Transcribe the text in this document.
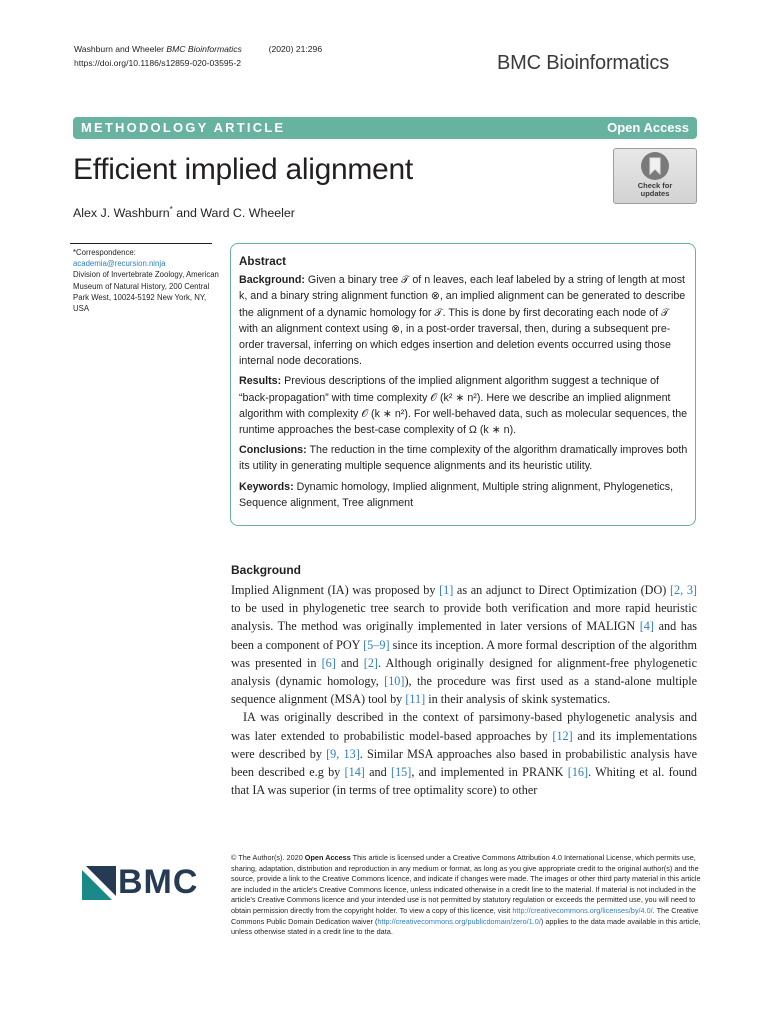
Washburn and Wheeler BMC Bioinformatics	(2020) 21:296
https://doi.org/10.1186/s12859-020-03595-2	BMC Bioinformatics
METHODOLOGY ARTICLE	Open Access
Efficient implied alignment
Alex J. Washburn* and Ward C. Wheeler
Check for
updates
*Correspondence:
academia@recursion.ninja
Division of Invertebrate Zoology, American Museum of Natural History, 200 Central Park West, 10024-5192 New York, NY, USA
Abstract

Background: Given a binary tree 𝒯 of n leaves, each leaf labeled by a string of length at most k, and a binary string alignment function ⊗, an implied alignment can be generated to describe the alignment of a dynamic homology for 𝒯. This is done by first decorating each node of 𝒯 with an alignment context using ⊗, in a post-order traversal, then, during a subsequent pre-order traversal, inferring on which edges insertion and deletion events occurred using those internal node decorations.

Results: Previous descriptions of the implied alignment algorithm suggest a technique of “back-propagation” with time complexity 𝒪 (k² ∗ n²). Here we describe an implied alignment algorithm with complexity 𝒪 (k ∗ n²). For well-behaved data, such as molecular sequences, the runtime approaches the best-case complexity of Ω (k ∗ n).

Conclusions: The reduction in the time complexity of the algorithm dramatically improves both its utility in generating multiple sequence alignments and its heuristic utility.

Keywords: Dynamic homology, Implied alignment, Multiple string alignment, Phylogenetics, Sequence alignment, Tree alignment

Background

Implied Alignment (IA) was proposed by [1] as an adjunct to Direct Optimization (DO) [2, 3] to be used in phylogenetic tree search to provide both verification and more rapid heuristic analysis. The method was originally implemented in later versions of MALIGN [4] and has been a component of POY [5–9] since its inception. A more formal description of the algorithm was presented in [6] and [2]. Although originally designed for alignment-free phylogenetic analysis (dynamic homology, [10]), the procedure was first used as a stand-alone multiple sequence alignment (MSA) tool by [11] in their analysis of skink systematics.

IA was originally described in the context of parsimony-based phylogenetic analysis and was later extended to probabilistic model-based approaches by [12] and its implementations were described by [9, 13]. Similar MSA approaches also based in probabilistic analysis have been described e.g by [14] and [15], and implemented in PRANK [16]. Whiting et al. found that IA was superior (in terms of tree optimality score) to other

BMC
© The Author(s). 2020 Open Access This article is licensed under a Creative Commons Attribution 4.0 International License, which permits use, sharing, adaptation, distribution and reproduction in any medium or format, as long as you give appropriate credit to the original author(s) and the source, provide a link to the Creative Commons licence, and indicate if changes were made. The images or other third party material in this article are included in the article's Creative Commons licence, unless indicated otherwise in a credit line to the material. If material is not included in the article's Creative Commons licence and your intended use is not permitted by statutory regulation or exceeds the permitted use, you will need to obtain permission directly from the copyright holder. To view a copy of this licence, visit http://creativecommons.org/licenses/by/4.0/. The Creative Commons Public Domain Dedication waiver (http://creativecommons.org/publicdomain/zero/1.0/) applies to the data made available in this article, unless otherwise stated in a credit line to the data.
